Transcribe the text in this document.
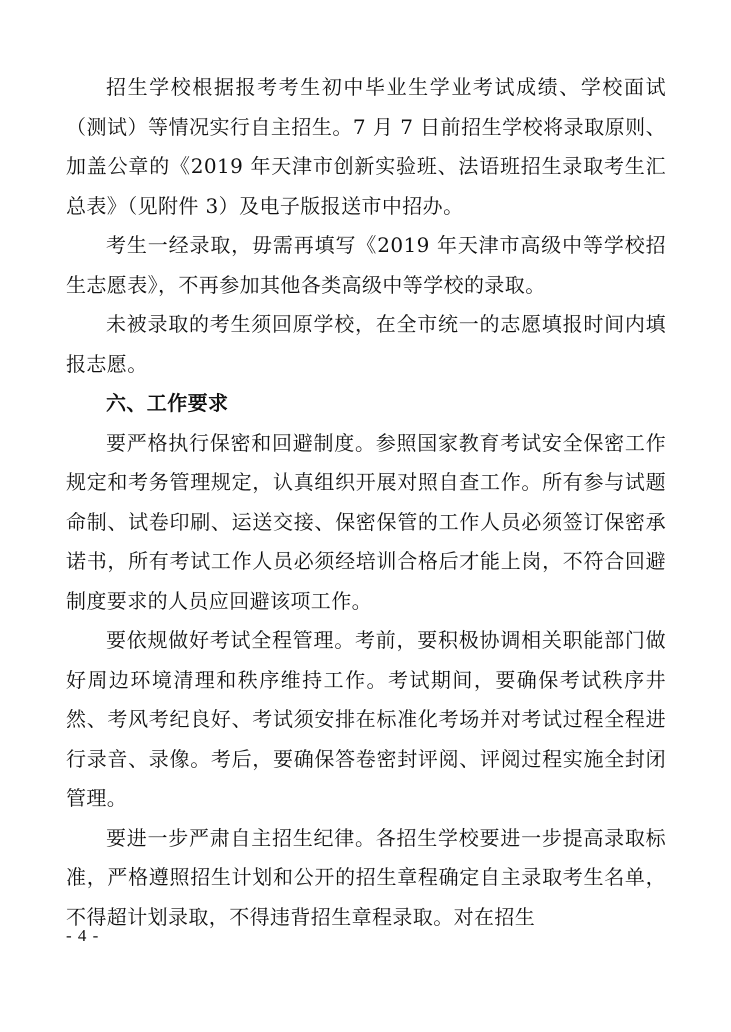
招生学校根据报考考生初中毕业生学业考试成绩、学校面试（测试）等情况实行自主招生。7 月 7 日前招生学校将录取原则、加盖公章的《2019 年天津市创新实验班、法语班招生录取考生汇总表》（见附件 3）及电子版报送市中招办。

考生一经录取，毋需再填写《2019 年天津市高级中等学校招生志愿表》，不再参加其他各类高级中等学校的录取。

未被录取的考生须回原学校，在全市统一的志愿填报时间内填报志愿。

六、工作要求

要严格执行保密和回避制度。参照国家教育考试安全保密工作规定和考务管理规定，认真组织开展对照自查工作。所有参与试题命制、试卷印刷、运送交接、保密保管的工作人员必须签订保密承诺书，所有考试工作人员必须经培训合格后才能上岗，不符合回避制度要求的人员应回避该项工作。

要依规做好考试全程管理。考前，要积极协调相关职能部门做好周边环境清理和秩序维持工作。考试期间，要确保考试秩序井然、考风考纪良好、考试须安排在标准化考场并对考试过程全程进行录音、录像。考后，要确保答卷密封评阅、评阅过程实施全封闭管理。

要进一步严肃自主招生纪律。各招生学校要进一步提高录取标准，严格遵照招生计划和公开的招生章程确定自主录取考生名单，不得超计划录取，不得违背招生章程录取。对在招生

- 4 -
